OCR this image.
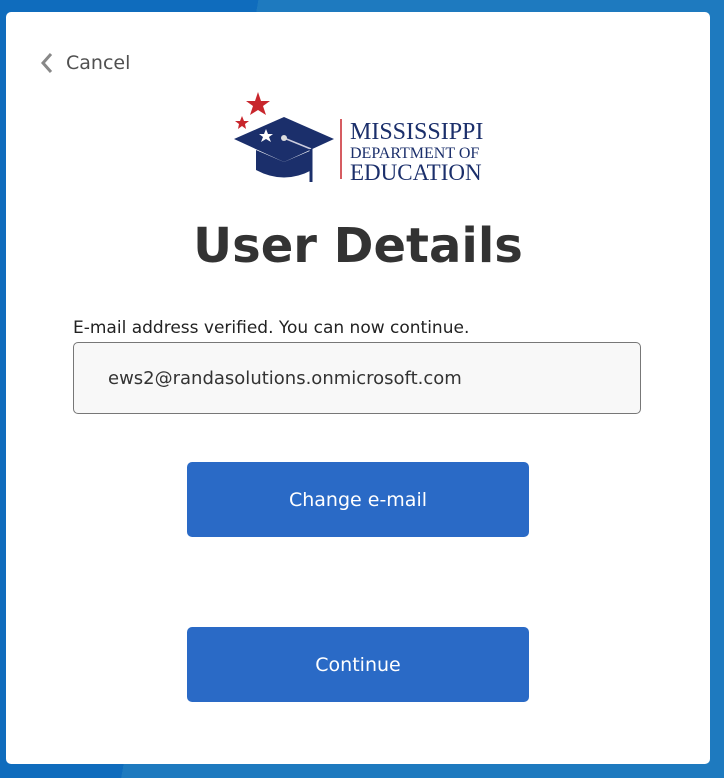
Cancel
MISSISSIPPI
DEPARTMENT OF
EDUCATION
User Details
E-mail address verified. You can now continue.
ews2@randasolutions.onmicrosoft.com
Change e-mail
Continue
